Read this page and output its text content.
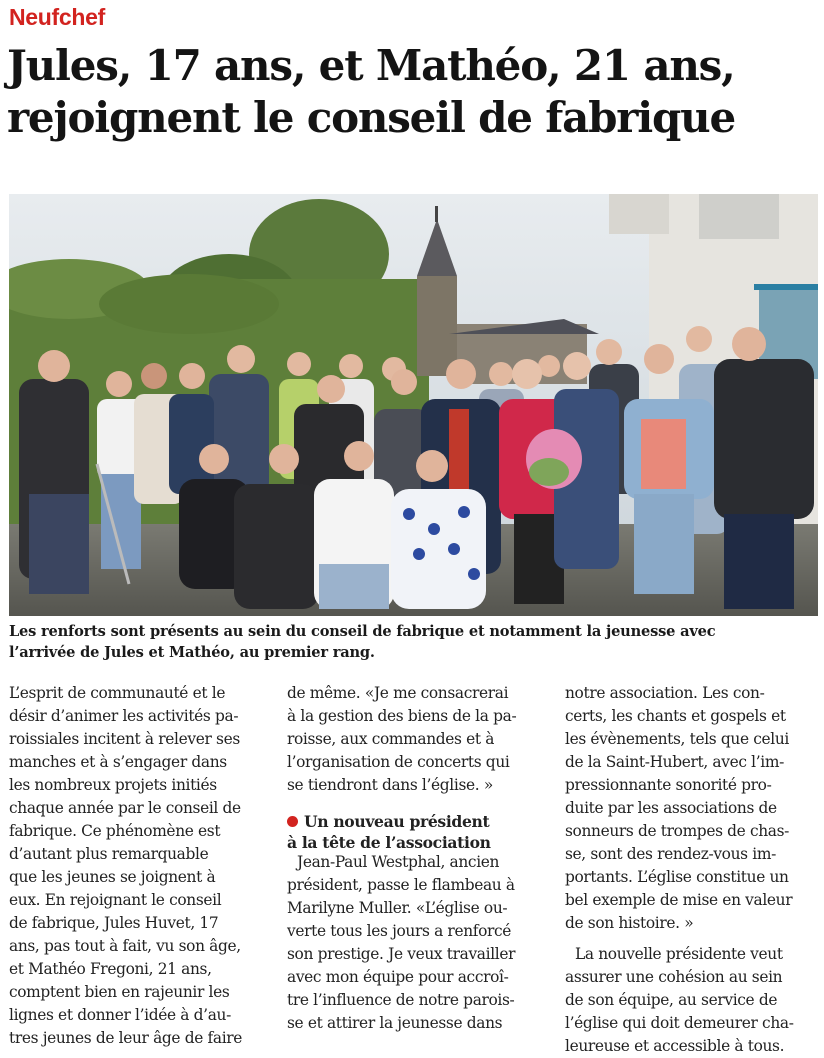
Neufchef
Jules, 17 ans, et Mathéo, 21 ans,
rejoignent le conseil de fabrique
Les renforts sont présents au sein du conseil de fabrique et notamment la jeunesse avec
l’arrivée de Jules et Mathéo, au premier rang.
L’esprit de communauté et le
désir d’animer les activités pa-
roissiales incitent à relever ses
manches et à s’engager dans
les nombreux projets initiés
chaque année par le conseil de
fabrique. Ce phénomène est
d’autant plus remarquable
que les jeunes se joignent à
eux. En rejoignant le conseil
de fabrique, Jules Huvet, 17
ans, pas tout à fait, vu son âge,
et Mathéo Fregoni, 21 ans,
comptent bien en rajeunir les
lignes et donner l’idée à d’au-
tres jeunes de leur âge de faire
de même. «Je me consacrerai
à la gestion des biens de la pa-
roisse, aux commandes et à
l’organisation de concerts qui
se tiendront dans l’église. »
Un nouveau président
à la tête de l’association
Jean-Paul Westphal, ancien
président, passe le flambeau à
Marilyne Muller. «L’église ou-
verte tous les jours a renforcé
son prestige. Je veux travailler
avec mon équipe pour accroî-
tre l’influence de notre parois-
se et attirer la jeunesse dans
notre association. Les con-
certs, les chants et gospels et
les évènements, tels que celui
de la Saint-Hubert, avec l’im-
pressionnante sonorité pro-
duite par les associations de
sonneurs de trompes de chas-
se, sont des rendez-vous im-
portants. L’église constitue un
bel exemple de mise en valeur
de son histoire. »
La nouvelle présidente veut
assurer une cohésion au sein
de son équipe, au service de
l’église qui doit demeurer cha-
leureuse et accessible à tous.
